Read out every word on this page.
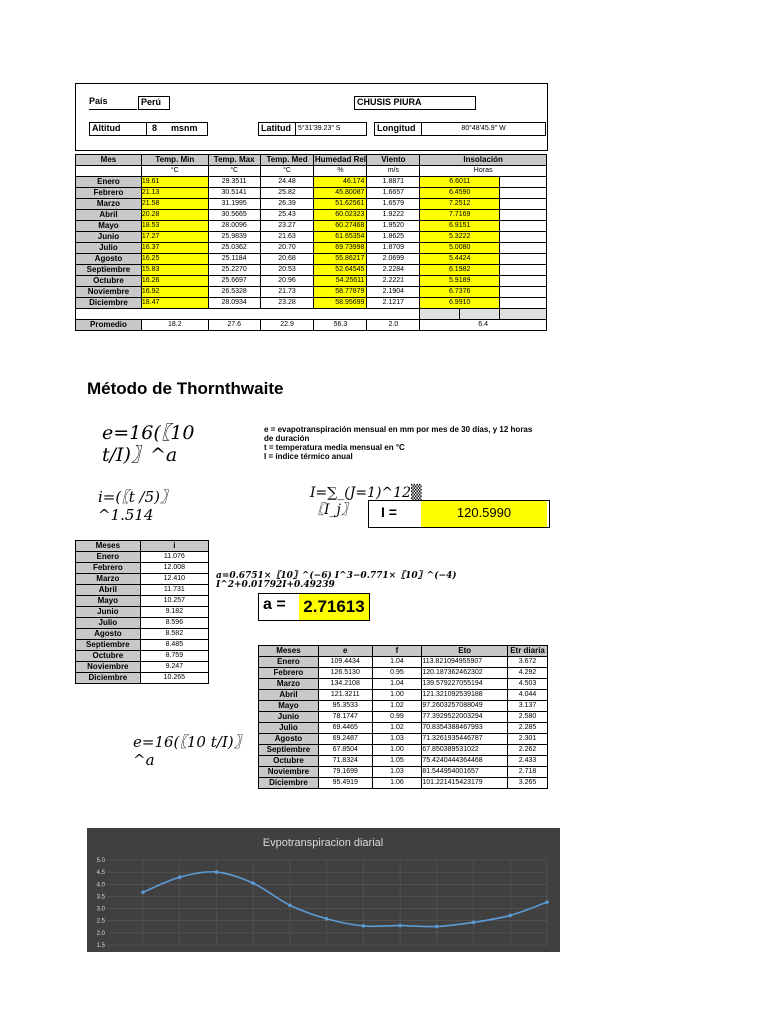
País	Perú	CHUSIS PIURA
Altitud	8 msnm	Latitud	5°31'39.23" S	Longitud	80°48'45.9" W
Mes	Temp. Min	Temp. Max	Temp. Med	Humedad Rel	Viento	Insolación		
	°C	°C	°C	%	m/s	Horas		
Enero	19.61	29.3511	24.48	46.174	1.8871	6.6011		
Febrero	21.13	30.5141	25.82	45.80087	1.6657	6.4590		
Marzo	21.58	31.1995	26.39	51.62561	1.6579	7.2512		
Abril	20.28	30.5665	25.43	60.02323	1.9222	7.7169		
Mayo	18.53	28.0096	23.27	60.27468	1.9520	6.9151		
Junio	17.27	25.9839	21.63	61.65354	1.8625	5.3222		
Julio	16.37	25.0362	20.70	69.73998	1.8709	5.0080		
Agosto	16.25	25.1184	20.68	55.86217	2.0699	5.4424		
Septiembre	15.83	25.2270	20.53	52.64545	2.2284	6.1982		
Octubre	16.26	25.6697	20.96	54.25611	2.2221	5.9189		
Noviembre	16.92	26.5328	21.73	58.77879	2.1904	6.7376		
Diciembre	18.47	28.0934	23.28	58.95699	2.1217	6.9910		

Promedio	18.2	27.6	22.9	56.3	2.0	6.4		
Método de Thornthwaite
e=16(〖10 t/I)〗^a
e = evapotranspiración mensual en mm por mes de 30 días, y 12 horas de duración
t = temperatura media mensual en °C
I = índice térmico anual
i=(〖t /5)〗^1.514
I=∑_(J=1)^12▒〖I_j〗	I =	120.5990
Meses	i
Enero	11.076
Febrero	12.008
Marzo	12.410
Abril	11.731
Mayo	10.257
Junio	9.182
Julio	8.596
Agosto	8.582
Septiembre	8.485
Octubre	8.759
Noviembre	9.247
Diciembre	10.265
a=0.6751×〖10〗^(−6) I^3−0.771×〖10〗^(−4) I^2+0.01792I+0.49239
a = 2.71613
Meses	e	f	Eto	Etr diaria
Enero	109.4434	1.04	113.821094955907	3.672
Febrero	126.5130	0.95	120.187362462302	4.292
Marzo	134.2108	1.04	139.579227055194	4.503
Abril	121.3211	1.00	121.321092539188	4.044
Mayo	95.3533	1.02	97.2603257088049	3.137
Junio	78.1747	0.99	77.3929522003294	2.580
Julio	69.4465	1.02	70.8354388467993	2.285
Agosto	69.2487	1.03	71.3261935446787	2.301
Septiembre	67.8504	1.00	67.850389531022	2.262
Octubre	71.8324	1.05	75.4240444364468	2.433
Noviembre	79.1699	1.03	81.544954001657	2.718
Diciembre	95.4919	1.06	101.221415423179	3.265
e=16(〖10 t/I)〗^a
Evpotranspiracion diarial
5.0
4.5
4.0
3.5
3.0
2.5
2.0
1.5
